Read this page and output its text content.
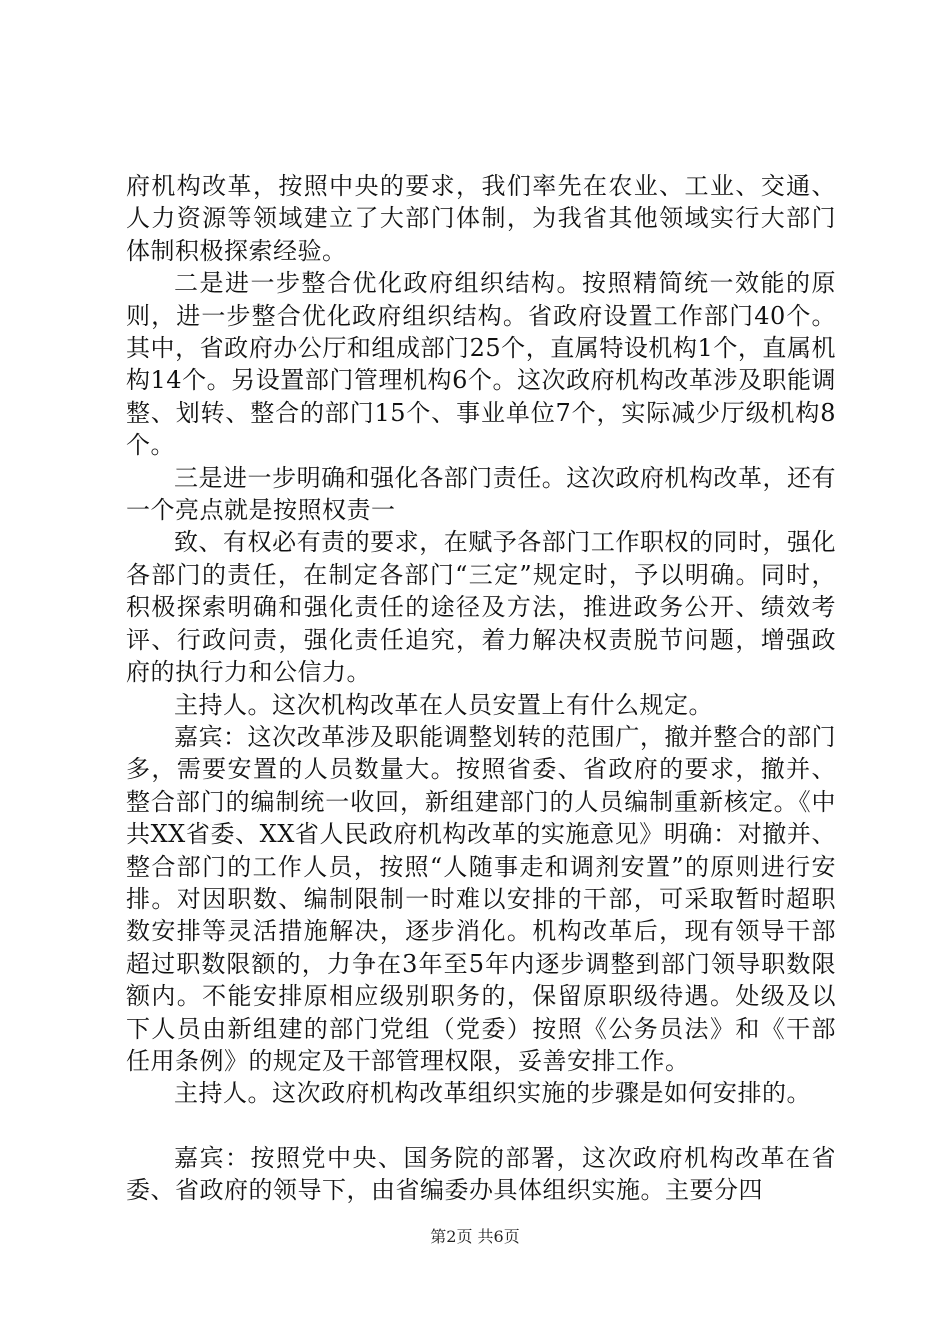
府机构改革，按照中央的要求，我们率先在农业、工业、交通、人力资源等领域建立了大部门体制，为我省其他领域实行大部门体制积极探索经验。

二是进一步整合优化政府组织结构。按照精简统一效能的原则，进一步整合优化政府组织结构。省政府设置工作部门40个。其中，省政府办公厅和组成部门25个，直属特设机构1个，直属机构14个。另设置部门管理机构6个。这次政府机构改革涉及职能调整、划转、整合的部门15个、事业单位7个，实际减少厅级机构8个。

三是进一步明确和强化各部门责任。这次政府机构改革，还有一个亮点就是按照权责一

致、有权必有责的要求，在赋予各部门工作职权的同时，强化各部门的责任，在制定各部门“三定”规定时，予以明确。同时，积极探索明确和强化责任的途径及方法，推进政务公开、绩效考评、行政问责，强化责任追究，着力解决权责脱节问题，增强政府的执行力和公信力。

主持人。这次机构改革在人员安置上有什么规定。

嘉宾：这次改革涉及职能调整划转的范围广，撤并整合的部门多，需要安置的人员数量大。按照省委、省政府的要求，撤并、整合部门的编制统一收回，新组建部门的人员编制重新核定。《中共XX省委、XX省人民政府机构改革的实施意见》明确：对撤并、整合部门的工作人员，按照“人随事走和调剂安置”的原则进行安排。对因职数、编制限制一时难以安排的干部，可采取暂时超职数安排等灵活措施解决，逐步消化。机构改革后，现有领导干部超过职数限额的，力争在3年至5年内逐步调整到部门领导职数限额内。不能安排原相应级别职务的，保留原职级待遇。处级及以下人员由新组建的部门党组（党委）按照《公务员法》和《干部任用条例》的规定及干部管理权限，妥善安排工作。

主持人。这次政府机构改革组织实施的步骤是如何安排的。

嘉宾：按照党中央、国务院的部署，这次政府机构改革在省委、省政府的领导下，由省编委办具体组织实施。主要分四

第2页 共6页
